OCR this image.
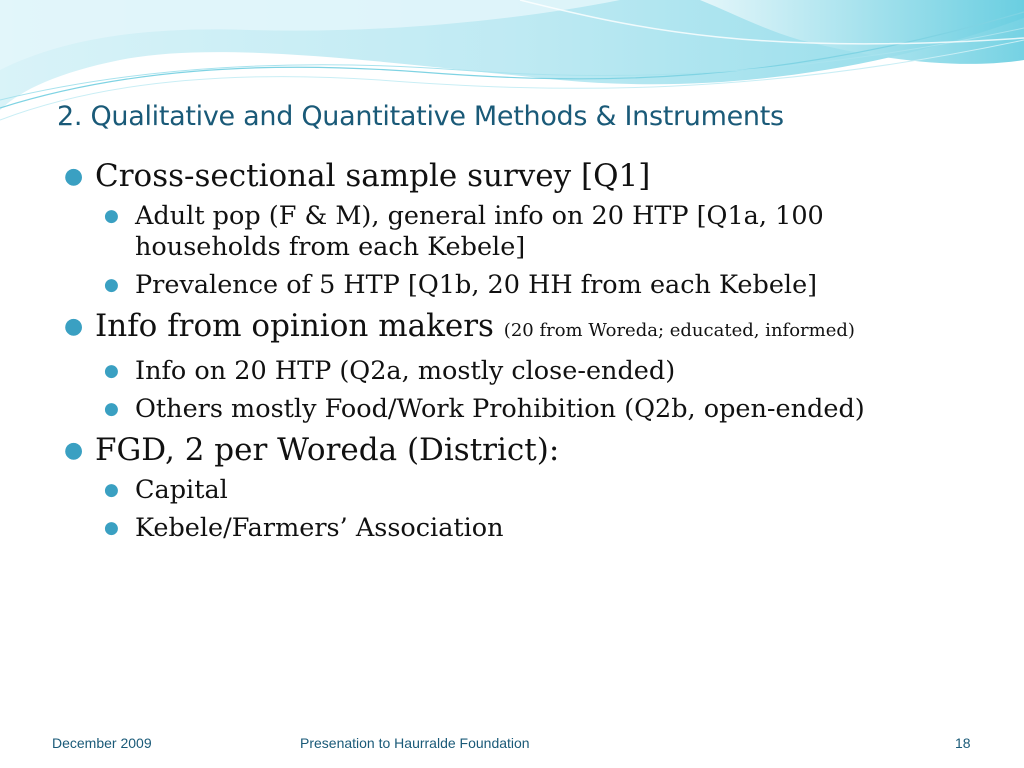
2. Qualitative and Quantitative Methods & Instruments
● Cross-sectional sample survey [Q1]
● Adult pop (F & M), general info on 20 HTP [Q1a, 100 households from each Kebele]
● Prevalence of 5 HTP [Q1b, 20 HH from each Kebele]
● Info from opinion makers (20 from Woreda; educated, informed)
● Info on 20 HTP (Q2a, mostly close-ended)
● Others mostly Food/Work Prohibition (Q2b, open-ended)
● FGD, 2 per Woreda (District):
● Capital
● Kebele/Farmers’ Association
December 2009	Presenation to Haurralde Foundation	18
